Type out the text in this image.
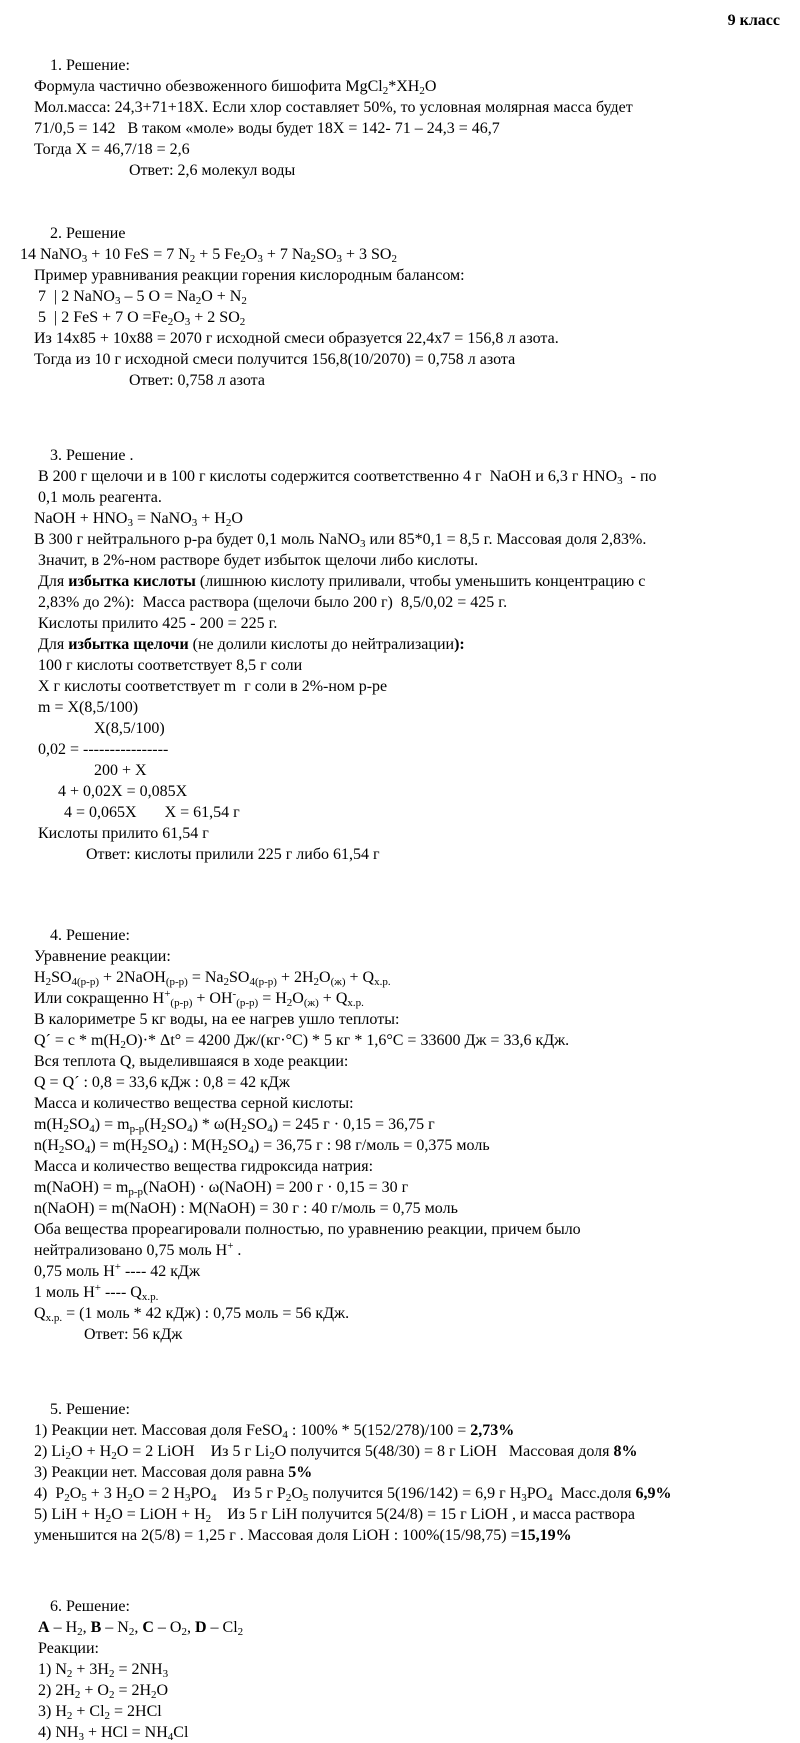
9 класс
1. Решение:
Формула частично обезвоженного бишофита $MgCl_2*XH_2O$
Мол.масса: 24,3+71+18X. Если хлор составляет 50%, то условная молярная масса будет
71/0,5 = 142   В таком «моле» воды будет 18X = 142- 71 – 24,3 = 46,7
Тогда X = 46,7/18 = 2,6
Ответ: 2,6 молекул воды
2. Решение
14 NaNO$_3$ + 10 FeS = 7 $N_2 + 5$ $Fe_2O_3 + 7$ $Na_2SO_3 + 3$ $SO_2$
Пример уравнивания реакции горения кислородным балансом:
7  | 2 NaNO$_3$ – 5 $O = Na_2O + N_2$
5  | 2 FeS + 7 $O =Fe_2O_3 + 2$ $SO_2$
Из 14x85 + 10x88 = 2070 г исходной смеси образуется 22,4x7 = 156,8 л азота.
Тогда из 10 г исходной смеси получится 156,8(10/2070) = 0,758 л азота
Ответ: 0,758 л азота
3. Решение .
В 200 г щелочи и в 100 г кислоты содержится соответственно 4 г  NaOH и 6,3 г $HNO_3$  - по
0,1 моль реагента.
NaOH + $HNO_3$ = NaNO$_3$ + $H_2O$
В 300 г нейтрального р-ра будет 0,1 моль NaNO$_3$ или 85*0,1 = 8,5 г. Массовая доля 2,83%.
Значит, в 2%-ном растворе будет избыток щелочи либо кислоты.
Для избытка кислоты (лишнюю кислоту приливали, чтобы уменьшить концентрацию с
2,83% до 2%):  Масса раствора (щелочи было 200 г)  8,5/0,02 = 425 г.
Кислоты прилито 425 - 200 = 225 г.
Для избытка щелочи (не долили кислоты до нейтрализации):
100 г кислоты соответствует 8,5 г соли
X г кислоты соответствует m  г соли в 2%-ном р-ре
m = X(8,5/100)
X(8,5/100)
0,02 = ----------------
200 + X
4 + 0,02X = 0,085X
4 = 0,065X       X = 61,54 г
Кислоты прилито 61,54 г
Ответ: кислоты прилили 225 г либо 61,54 г
4. Решение:
Уравнение реакции:
$H_2SO_{4(р-р)}$ + 2NaOH$_{(р-р)}$ = $Na_2SO_{4(р-р)} + 2H_2O_{(ж)} + Q_{х.р.}$
Или сокращенно $H^+_{(р-р)} + OH^-_{(р-р)} = H_2O_{(ж)} + Q_{х.р.}$
В калориметре 5 кг воды, на ее нагрев ушло теплоты:
Q´ = $c * m(H_2O)\cdot*$ Δt° = 4200 Дж/(кг·°C) * 5 кг * 1,6°C = 33600 Дж = 33,6 кДж.
Вся теплота Q, выделившаяся в ходе реакции:
Q = Q´ : 0,8 = 33,6 кДж : 0,8 = 42 кДж
Масса и количество вещества серной кислоты:
$m(H_2SO_4) = m_{р-р}(H_2SO_4) * \omega(H_2SO_4) = 245$ г · 0,15 = 36,75 г
$n(H_2SO_4) = m(H_2SO_4)$ : $M(H_2SO_4) = 36,75$ г : 98 г/моль = 0,375 моль
Масса и количество вещества гидроксида натрия:
m(NaOH) = $m_{р-р}(NaOH)$ · ω(NaOH) = 200 г · 0,15 = 30 г
n(NaOH) = m(NaOH) : M(NaOH) = 30 г : 40 г/моль = 0,75 моль
Оба вещества прореагировали полностью, по уравнению реакции, причем было
нейтрализовано 0,75 моль H+ .
0,75 моль H+ ---- 42 кДж
1 моль H+ ---- $Q_{х.р.}$
$Q_{х.р.} = (1$ моль * 42 кДж) : 0,75 моль = 56 кДж.
Ответ: 56 кДж
5. Решение:
1) Реакции нет. Массовая доля FeSO$_4$ : 100% * 5(152/278)/100 = 2,73%
2) $Li_2O + H_2O = 2$ LiOH    Из 5 г $Li_2O$ получится 5(48/30) = 8 г LiOH   Массовая доля 8%
3) Реакции нет. Массовая доля равна 5%
4)  $P_2O_5 + 3$ $H_2O = 2$ $H_3PO_4$    Из 5 г $P_2O_5$ получится 5(196/142) = 6,9 г $H_3PO_4$  Масс.доля 6,9%
5) LiH + $H_2O$ = LiOH + $H_2$    Из 5 г LiH получится 5(24/8) = 15 г LiOH , и масса раствора
уменьшится на 2(5/8) = 1,25 г . Массовая доля LiOH : 100%(15/98,75) =15,19%
6. Решение:
A – $H_2$, B – $N_2$, C – $O_2$, D – $Cl_2$
Реакции:
1) $N_2 + 3H_2 = 2NH_3$
2) $2H_2 + O_2 = 2H_2O$
3) $H_2 + Cl_2 = 2HCl$
4) $NH_3$ + HCl = $NH_4Cl$
